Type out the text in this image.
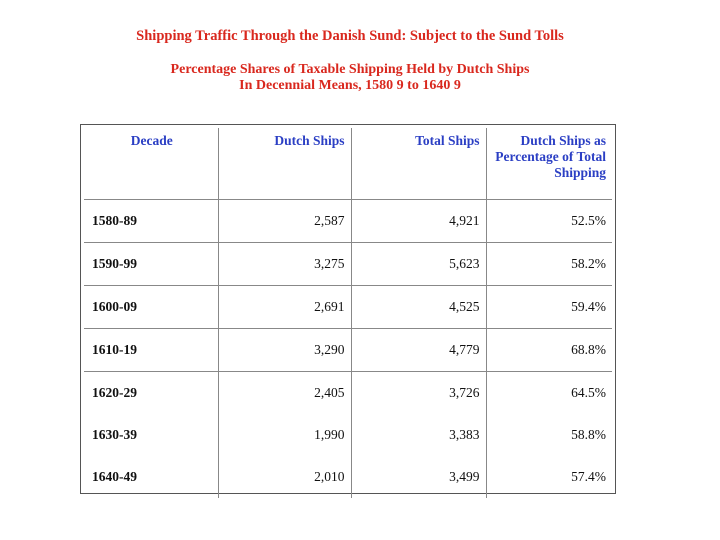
Shipping Traffic Through the Danish Sund: Subject to the Sund Tolls
Percentage Shares of Taxable Shipping Held by Dutch Ships
In Decennial Means, 1580 9 to 1640 9
Decade	Dutch Ships	Total Ships	Dutch Ships as
Percentage of Total
Shipping

1580-89	2,587	4,921	52.5%
1590-99	3,275	5,623	58.2%
1600-09	2,691	4,525	59.4%
1610-19	3,290	4,779	68.8%
1620-29	2,405	3,726	64.5%
1630-39	1,990	3,383	58.8%
1640-49	2,010	3,499	57.4%
